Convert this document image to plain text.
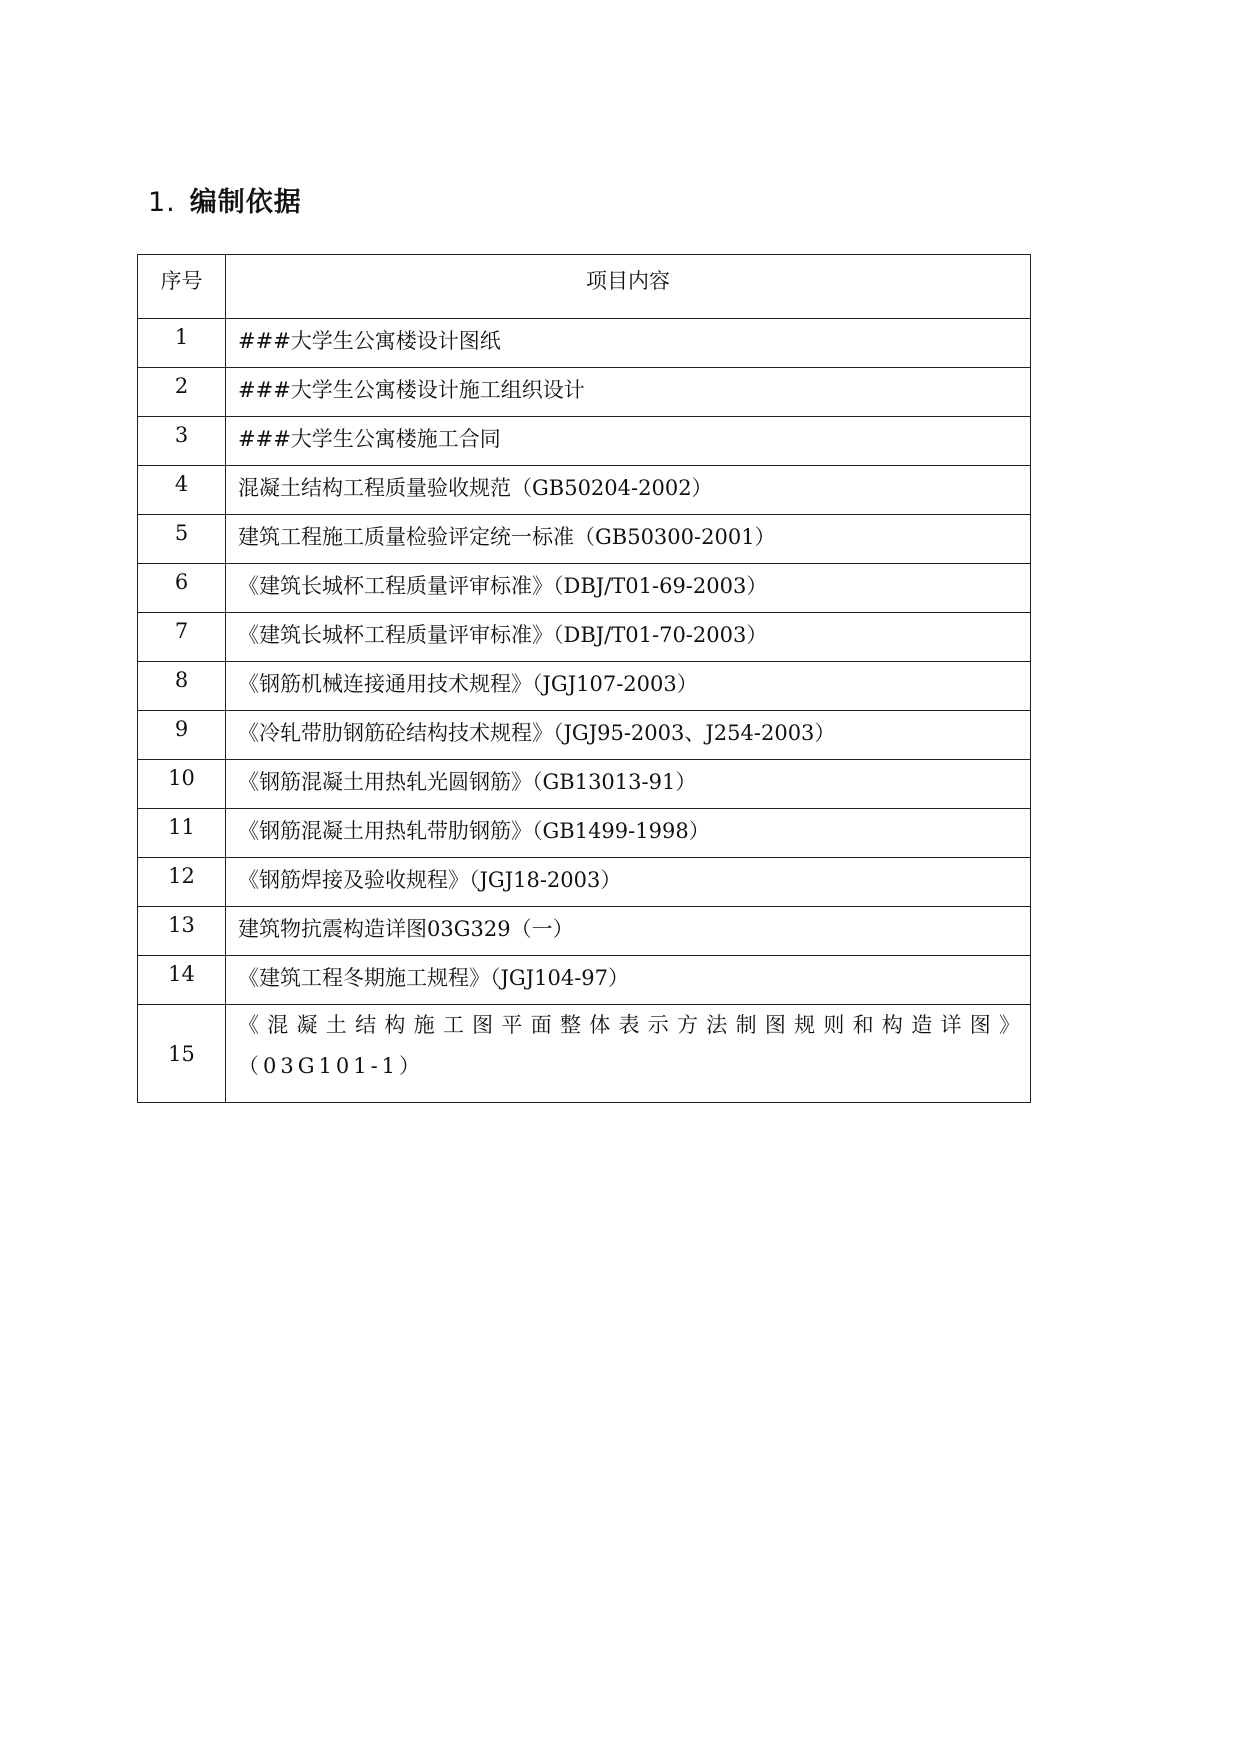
1. 编制依据
序号	项目内容
1	###大学生公寓楼设计图纸
2	###大学生公寓楼设计施工组织设计
3	###大学生公寓楼施工合同
4	混凝土结构工程质量验收规范（GB50204-2002）
5	建筑工程施工质量检验评定统一标准（GB50300-2001）
6	《建筑长城杯工程质量评审标准》（DBJ/T01-69-2003）
7	《建筑长城杯工程质量评审标准》（DBJ/T01-70-2003）
8	《钢筋机械连接通用技术规程》（JGJ107-2003）
9	《冷轧带肋钢筋砼结构技术规程》（JGJ95-2003、J254-2003）
10	《钢筋混凝土用热轧光圆钢筋》（GB13013-91）
11	《钢筋混凝土用热轧带肋钢筋》（GB1499-1998）
12	《钢筋焊接及验收规程》（JGJ18-2003）
13	建筑物抗震构造详图03G329（一）
14	《建筑工程冬期施工规程》（JGJ104-97）
15	《混凝土结构施工图平面整体表示方法制图规则和构造详图》（03G101-1）
